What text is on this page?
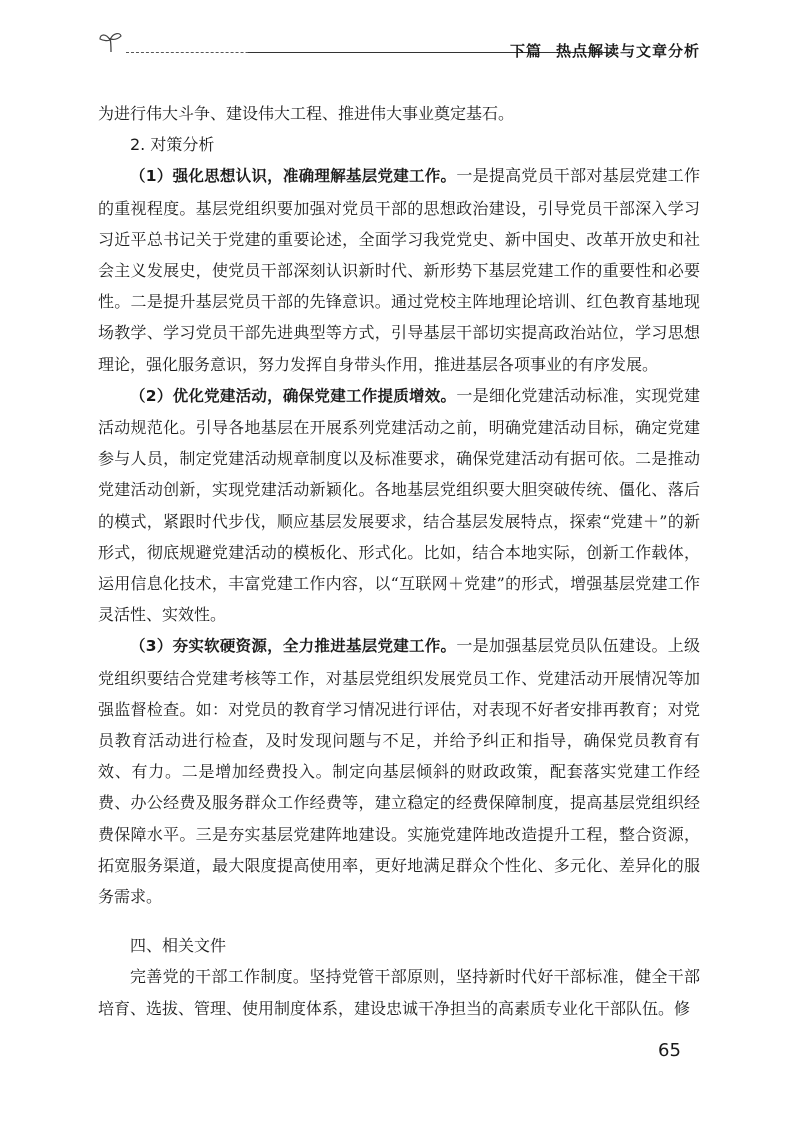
下篇 热点解读与文章分析

为进行伟大斗争、建设伟大工程、推进伟大事业奠定基石。

2. 对策分析

（1）强化思想认识，准确理解基层党建工作。一是提高党员干部对基层党建工作的重视程度。基层党组织要加强对党员干部的思想政治建设，引导党员干部深入学习习近平总书记关于党建的重要论述，全面学习我党党史、新中国史、改革开放史和社会主义发展史，使党员干部深刻认识新时代、新形势下基层党建工作的重要性和必要性。二是提升基层党员干部的先锋意识。通过党校主阵地理论培训、红色教育基地现场教学、学习党员干部先进典型等方式，引导基层干部切实提高政治站位，学习思想理论，强化服务意识，努力发挥自身带头作用，推进基层各项事业的有序发展。

（2）优化党建活动，确保党建工作提质增效。一是细化党建活动标准，实现党建活动规范化。引导各地基层在开展系列党建活动之前，明确党建活动目标，确定党建参与人员，制定党建活动规章制度以及标准要求，确保党建活动有据可依。二是推动党建活动创新，实现党建活动新颖化。各地基层党组织要大胆突破传统、僵化、落后的模式，紧跟时代步伐，顺应基层发展要求，结合基层发展特点，探索“党建＋”的新形式，彻底规避党建活动的模板化、形式化。比如，结合本地实际，创新工作载体，运用信息化技术，丰富党建工作内容，以“互联网＋党建”的形式，增强基层党建工作灵活性、实效性。

（3）夯实软硬资源，全力推进基层党建工作。一是加强基层党员队伍建设。上级党组织要结合党建考核等工作，对基层党组织发展党员工作、党建活动开展情况等加强监督检查。如：对党员的教育学习情况进行评估，对表现不好者安排再教育；对党员教育活动进行检查，及时发现问题与不足，并给予纠正和指导，确保党员教育有效、有力。二是增加经费投入。制定向基层倾斜的财政政策，配套落实党建工作经费、办公经费及服务群众工作经费等，建立稳定的经费保障制度，提高基层党组织经费保障水平。三是夯实基层党建阵地建设。实施党建阵地改造提升工程，整合资源，拓宽服务渠道，最大限度提高使用率，更好地满足群众个性化、多元化、差异化的服务需求。

四、相关文件

完善党的干部工作制度。坚持党管干部原则，坚持新时代好干部标准，健全干部培育、选拔、管理、使用制度体系，建设忠诚干净担当的高素质专业化干部队伍。修

65
